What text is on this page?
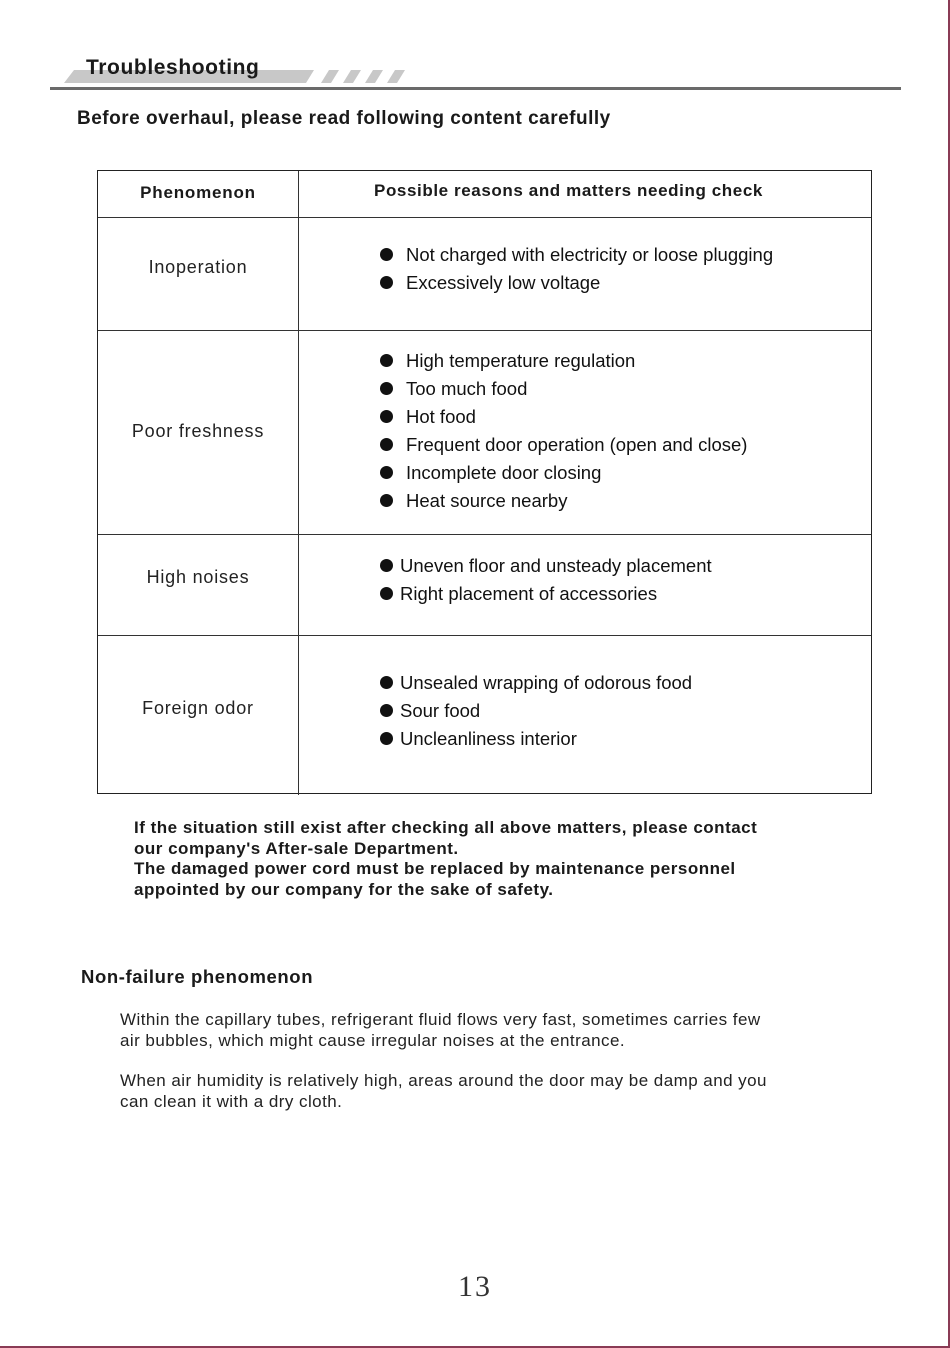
Troubleshooting
Before overhaul, please read following content carefully
Phenomenon	Possible reasons and matters needing check
Inoperation
Not charged with electricity or loose plugging
Excessively low voltage
Poor freshness
High temperature regulation
Too much food
Hot food
Frequent door operation (open and close)
Incomplete door closing
Heat source nearby
High noises
Uneven floor and unsteady placement
Right placement of accessories
Foreign odor
Unsealed wrapping of odorous food
Sour food
Uncleanliness interior

If the situation still exist after checking all above matters, please contact
our company's After-sale Department.
The damaged power cord must be replaced by maintenance personnel
appointed by our company for the sake of safety.

Non-failure phenomenon

Within the capillary tubes, refrigerant fluid flows very fast, sometimes carries few
air bubbles, which might cause irregular noises at the entrance.

When air humidity is relatively high, areas around the door may be damp and you
can clean it with a dry cloth.

13
